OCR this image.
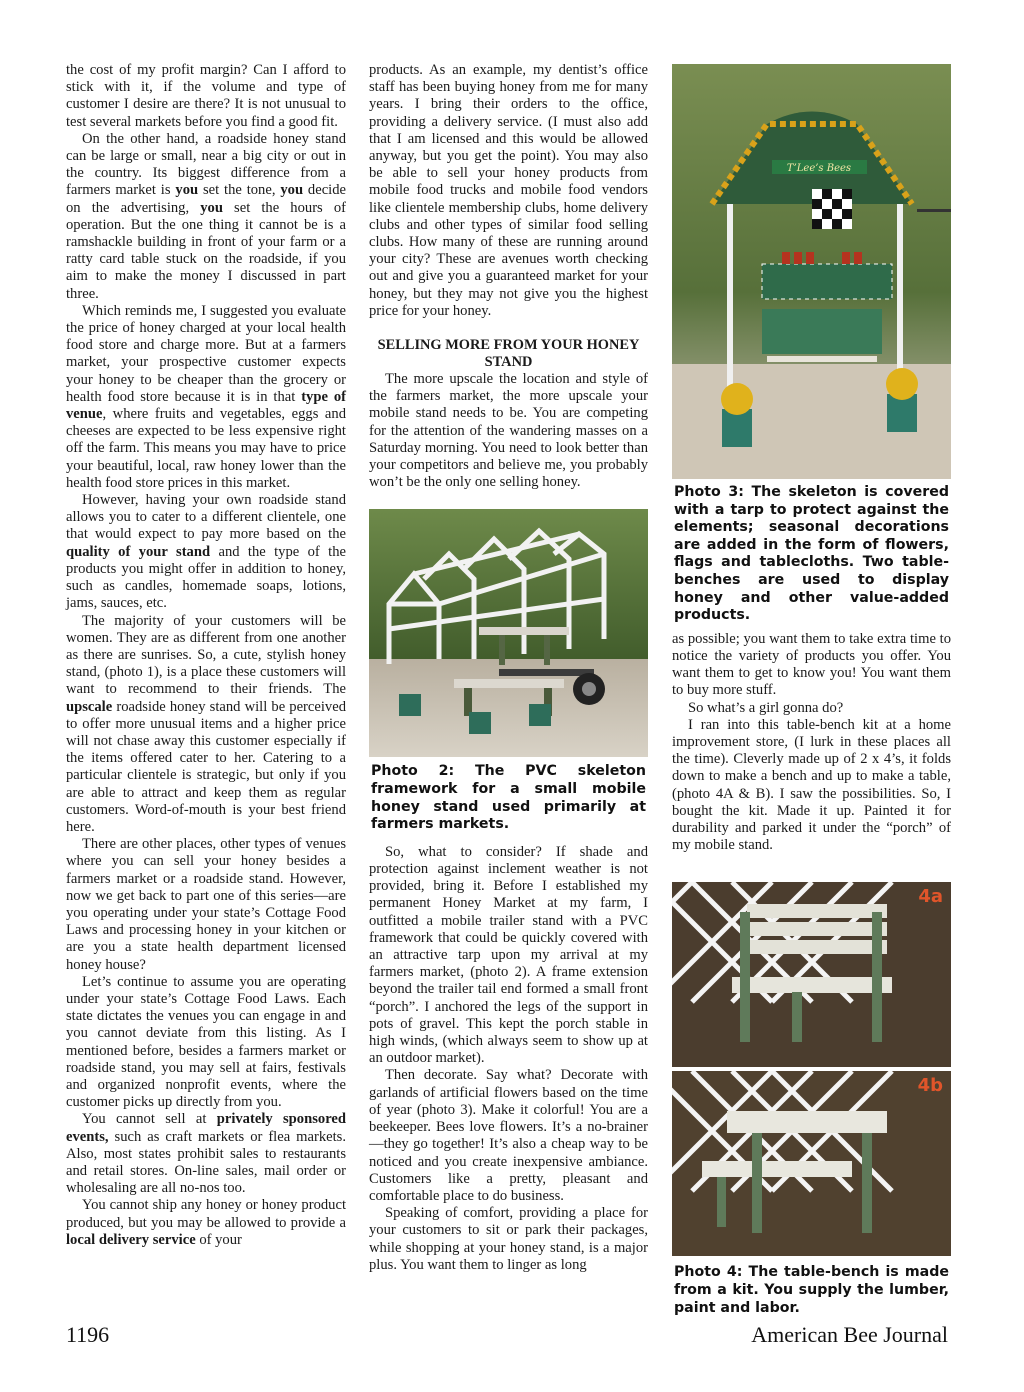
the cost of my profit margin? Can I afford to stick with it, if the volume and type of customer I desire are there? It is not unusual to test several markets before you find a good fit.

On the other hand, a roadside honey stand can be large or small, near a big city or out in the country. Its biggest difference from a farmers market is you set the tone, you decide on the advertising, you set the hours of operation. But the one thing it cannot be is a ramshackle building in front of your farm or a ratty card table stuck on the roadside, if you aim to make the money I discussed in part three.

Which reminds me, I suggested you evaluate the price of honey charged at your local health food store and charge more. But at a farmers market, your prospective customer expects your honey to be cheaper than the grocery or health food store because it is in that type of venue, where fruits and vegetables, eggs and cheeses are expected to be less expensive right off the farm. This means you may have to price your beautiful, local, raw honey lower than the health food store prices in this market.

However, having your own roadside stand allows you to cater to a different clientele, one that would expect to pay more based on the quality of your stand and the type of the products you might offer in addition to honey, such as candles, homemade soaps, lotions, jams, sauces, etc.

The majority of your customers will be women. They are as different from one another as there are sunrises. So, a cute, stylish honey stand, (photo 1), is a place these customers will want to recommend to their friends. The upscale roadside honey stand will be perceived to offer more unusual items and a higher price will not chase away this customer especially if the items offered cater to her. Catering to a particular clientele is strategic, but only if you are able to attract and keep them as regular customers. Word-of-mouth is your best friend here.

There are other places, other types of venues where you can sell your honey besides a farmers market or a roadside stand. However, now we get back to part one of this series—are you operating under your state’s Cottage Food Laws and processing honey in your kitchen or are you a state health department licensed honey house?

Let’s continue to assume you are operating under your state’s Cottage Food Laws. Each state dictates the venues you can engage in and you cannot deviate from this listing. As I mentioned before, besides a farmers market or roadside stand, you may sell at fairs, festivals and organized nonprofit events, where the customer picks up directly from you.

You cannot sell at privately sponsored events, such as craft markets or flea markets. Also, most states prohibit sales to restaurants and retail stores. On-line sales, mail order or wholesaling are all no-nos too.

You cannot ship any honey or honey product produced, but you may be allowed to provide a local delivery service of your

products. As an example, my dentist’s office staff has been buying honey from me for many years. I bring their orders to the office, providing a delivery service. (I must also add that I am licensed and this would be allowed anyway, but you get the point). You may also be able to sell your honey products from mobile food trucks and mobile food vendors like clientele membership clubs, home delivery clubs and other types of similar food selling clubs. How many of these are running around your city? These are avenues worth checking out and give you a guaranteed market for your honey, but they may not give you the highest price for your honey.

SELLING MORE FROM YOUR HONEY STAND

The more upscale the location and style of the farmers market, the more upscale your mobile stand needs to be. You are competing for the attention of the wandering masses on a Saturday morning. You need to look better than your competitors and believe me, you probably won’t be the only one selling honey.

Photo 2: The PVC skeleton framework for a small mobile honey stand used primarily at farmers markets.

So, what to consider? If shade and protection against inclement weather is not provided, bring it. Before I established my permanent Honey Market at my farm, I outfitted a mobile trailer stand with a PVC framework that could be quickly covered with an attractive tarp upon my arrival at my farmers market, (photo 2). A frame extension beyond the trailer tail end formed a small front “porch”. I anchored the legs of the support in pots of gravel. This kept the porch stable in high winds, (which always seem to show up at an outdoor market).

Then decorate. Say what? Decorate with garlands of artificial flowers based on the time of year (photo 3). Make it colorful! You are a beekeeper. Bees love flowers. It’s a no-brainer—they go together! It’s also a cheap way to be noticed and you create inexpensive ambiance. Customers like a pretty, pleasant and comfortable place to do business.

Speaking of comfort, providing a place for your customers to sit or park their packages, while shopping at your honey stand, is a major plus. You want them to linger as long

T’Lee’s Bees
Photo 3: The skeleton is covered with a tarp to protect against the elements; seasonal decorations are added in the form of flowers, flags and tablecloths. Two table-benches are used to display honey and other value-added products.

as possible; you want them to take extra time to notice the variety of products you offer. You want them to get to know you! You want them to buy more stuff.

So what’s a girl gonna do?

I ran into this table-bench kit at a home improvement store, (I lurk in these places all the time). Cleverly made up of 2 x 4’s, it folds down to make a bench and up to make a table, (photo 4A & B). I saw the possibilities. So, I bought the kit. Made it up. Painted it for durability and parked it under the “porch” of my mobile stand.

4a
4b
Photo 4: The table-bench is made from a kit. You supply the lumber, paint and labor.
1196	American Bee Journal
